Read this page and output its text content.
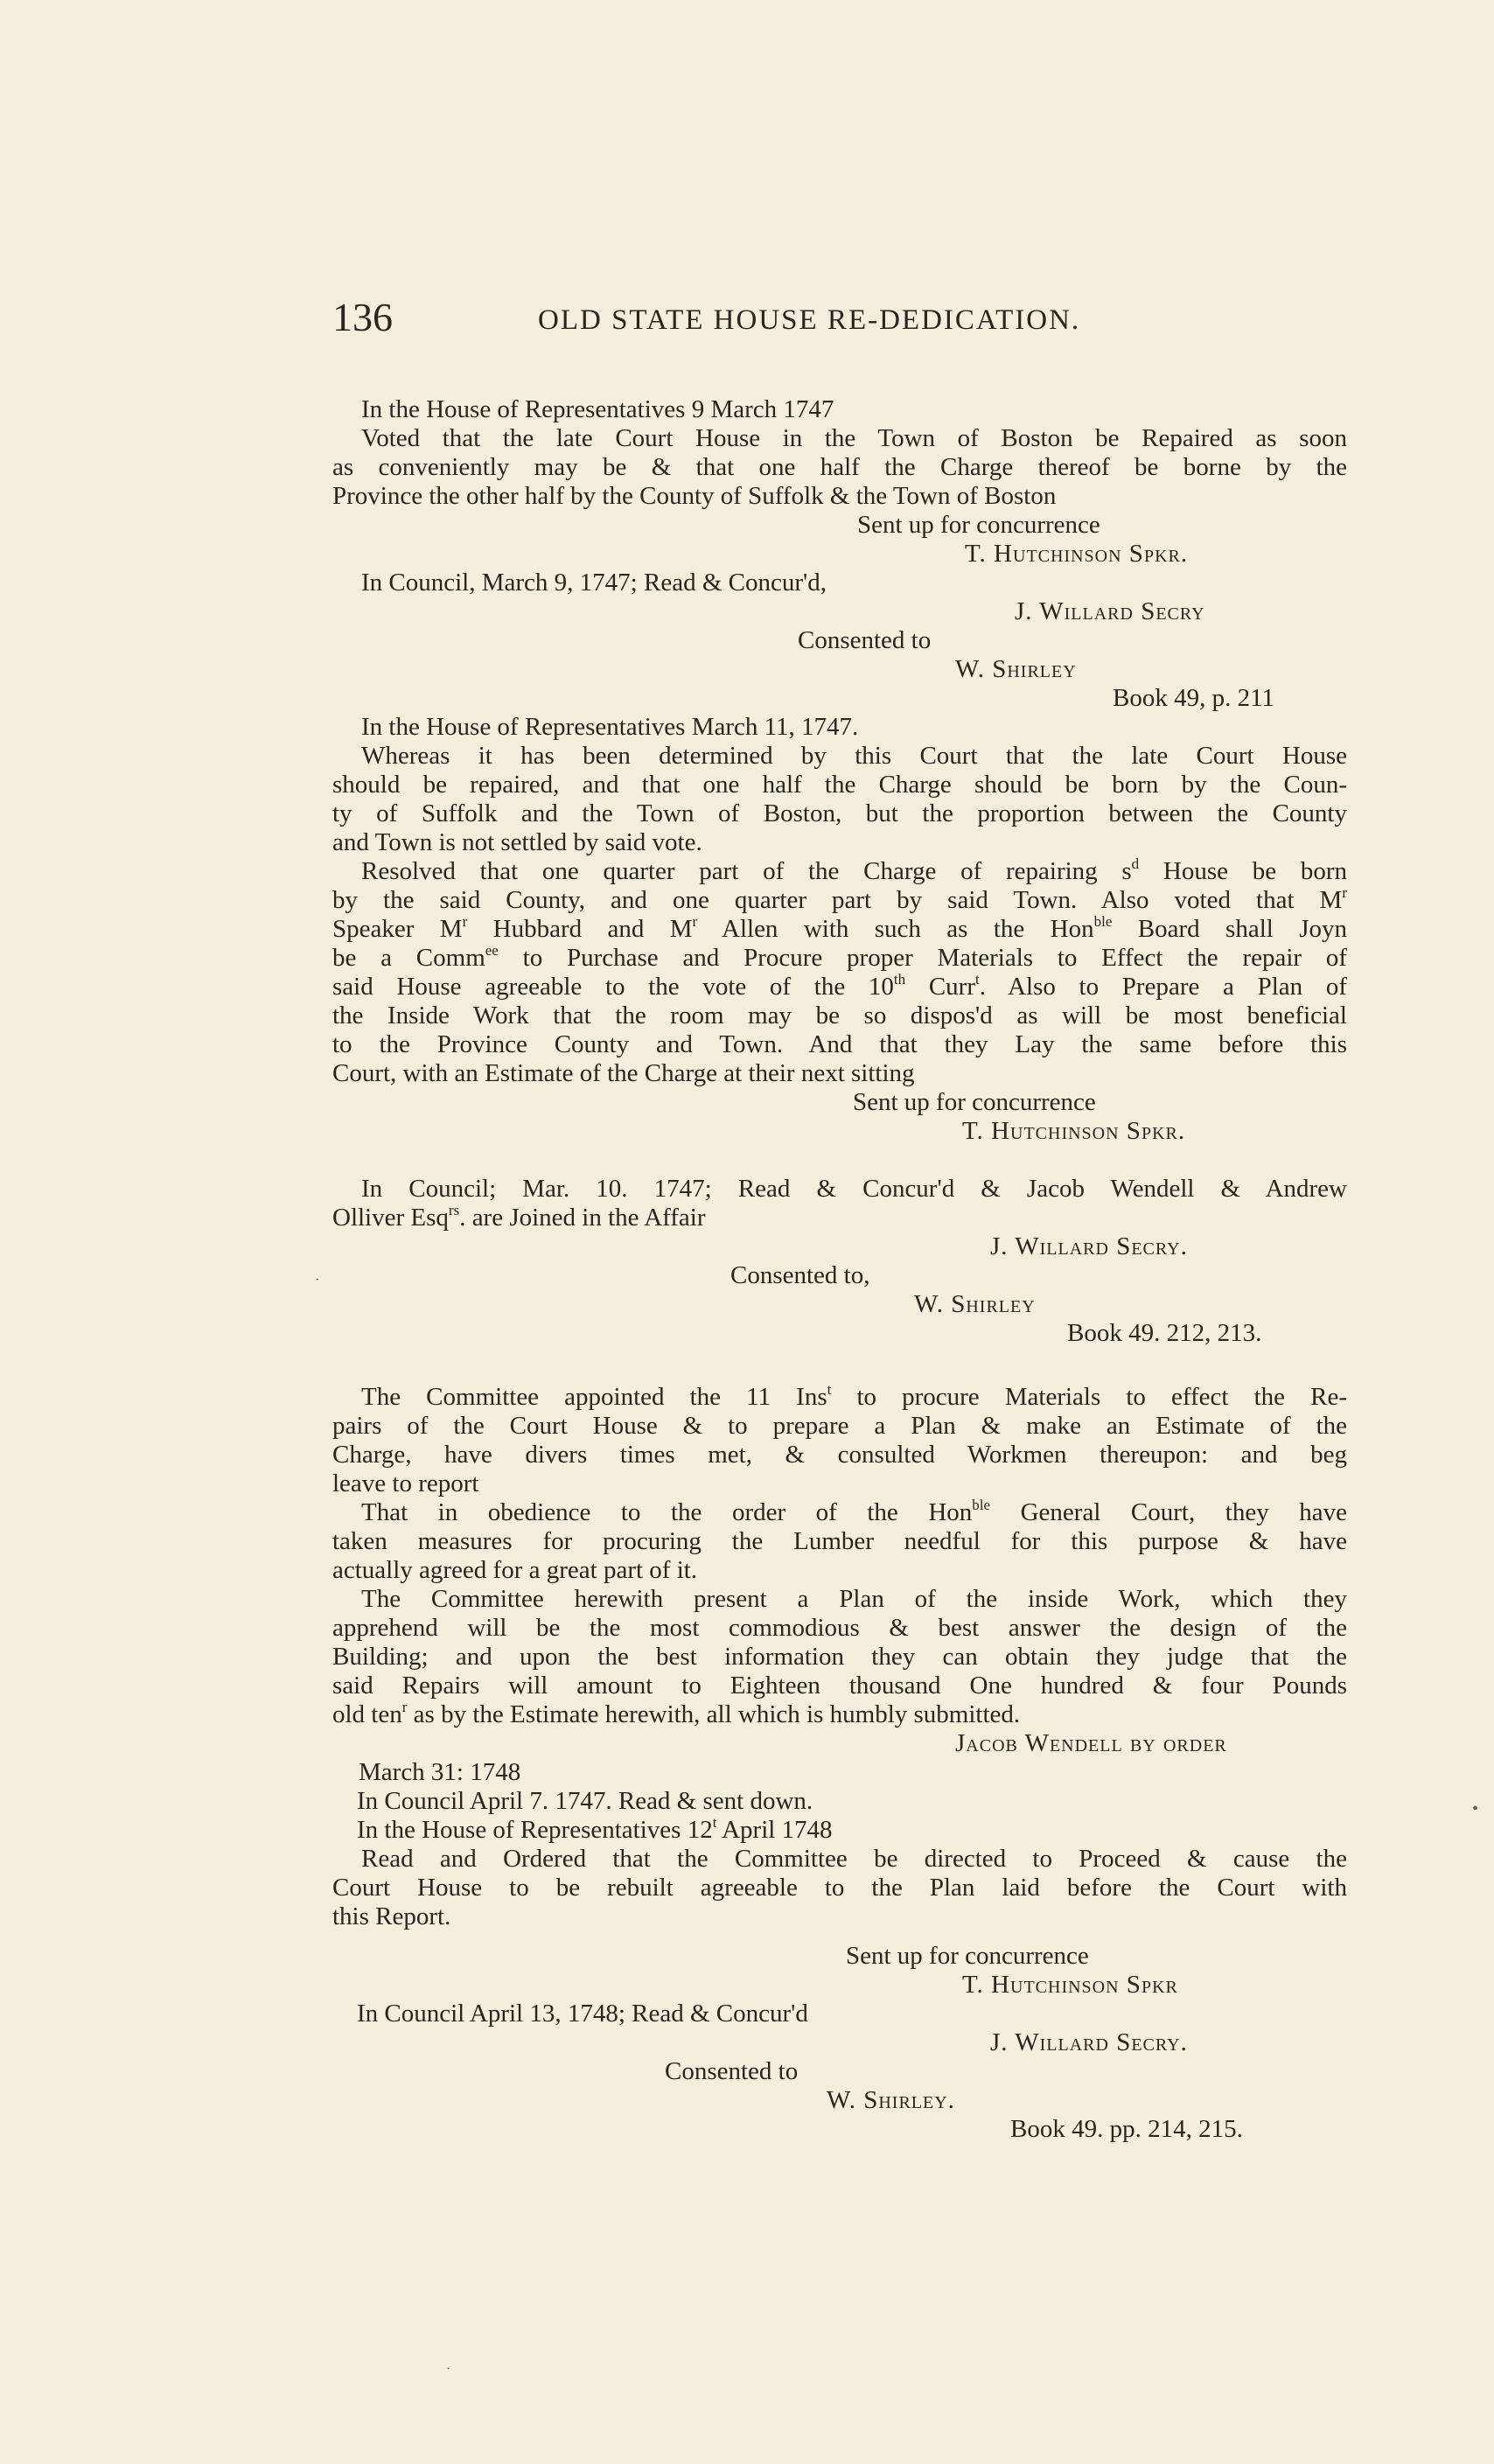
136	OLD STATE HOUSE RE-DEDICATION.
In the House of Representatives 9 March 1747
Voted that the late Court House in the Town of Boston be Repaired as soon
as conveniently may be & that one half the Charge thereof be borne by the
Province the other half by the County of Suffolk & the Town of Boston
Sent up for concurrence
T. Hutchinson Spkr.
In Council, March 9, 1747; Read & Concur'd,
J. Willard Secry
Consented to
W. Shirley
Book 49, p. 211
In the House of Representatives March 11, 1747.
Whereas it has been determined by this Court that the late Court House
should be repaired, and that one half the Charge should be born by the Coun-
ty of Suffolk and the Town of Boston, but the proportion between the County
and Town is not settled by said vote.
Resolved that one quarter part of the Charge of repairing $s^d$ House be born
by the said County, and one quarter part by said Town. Also voted that $M^r$
Speaker $M^r$ Hubbard and $M^r$ Allen with such as the Hon$^{ble}$ Board shall Joyn
be a Comm$^{ee}$ to Purchase and Procure proper Materials to Effect the repair of
said House agreeable to the vote of the 10th Curr$^t$. Also to Prepare a Plan of
the Inside Work that the room may be so dispos'd as will be most beneficial
to the Province County and Town. And that they Lay the same before this
Court, with an Estimate of the Charge at their next sitting
Sent up for concurrence
T. Hutchinson Spkr.
In Council; Mar. 10. 1747; Read & Concur'd & Jacob Wendell & Andrew
Olliver Esq$^{rs}$. are Joined in the Affair
J. Willard Secry.
Consented to,
W. Shirley
Book 49. 212, 213.
The Committee appointed the 11 Ins$^t$ to procure Materials to effect the Re-
pairs of the Court House & to prepare a Plan & make an Estimate of the
Charge, have divers times met, & consulted Workmen thereupon: and beg
leave to report
That in obedience to the order of the Hon$^{ble}$ General Court, they have
taken measures for procuring the Lumber needful for this purpose & have
actually agreed for a great part of it.
The Committee herewith present a Plan of the inside Work, which they
apprehend will be the most commodious & best answer the design of the
Building; and upon the best information they can obtain they judge that the
said Repairs will amount to Eighteen thousand One hundred & four Pounds
old ten$^r$ as by the Estimate herewith, all which is humbly submitted.
Jacob Wendell by order
March 31: 1748
In Council April 7. 1747. Read & sent down.
In the House of Representatives 12$^t$ April 1748
Read and Ordered that the Committee be directed to Proceed & cause the
Court House to be rebuilt agreeable to the Plan laid before the Court with
this Report.
Sent up for concurrence
T. Hutchinson Spkr
In Council April 13, 1748; Read & Concur'd
J. Willard Secry.
Consented to
W. Shirley.
Book 49. pp. 214, 215.
•
·
·
